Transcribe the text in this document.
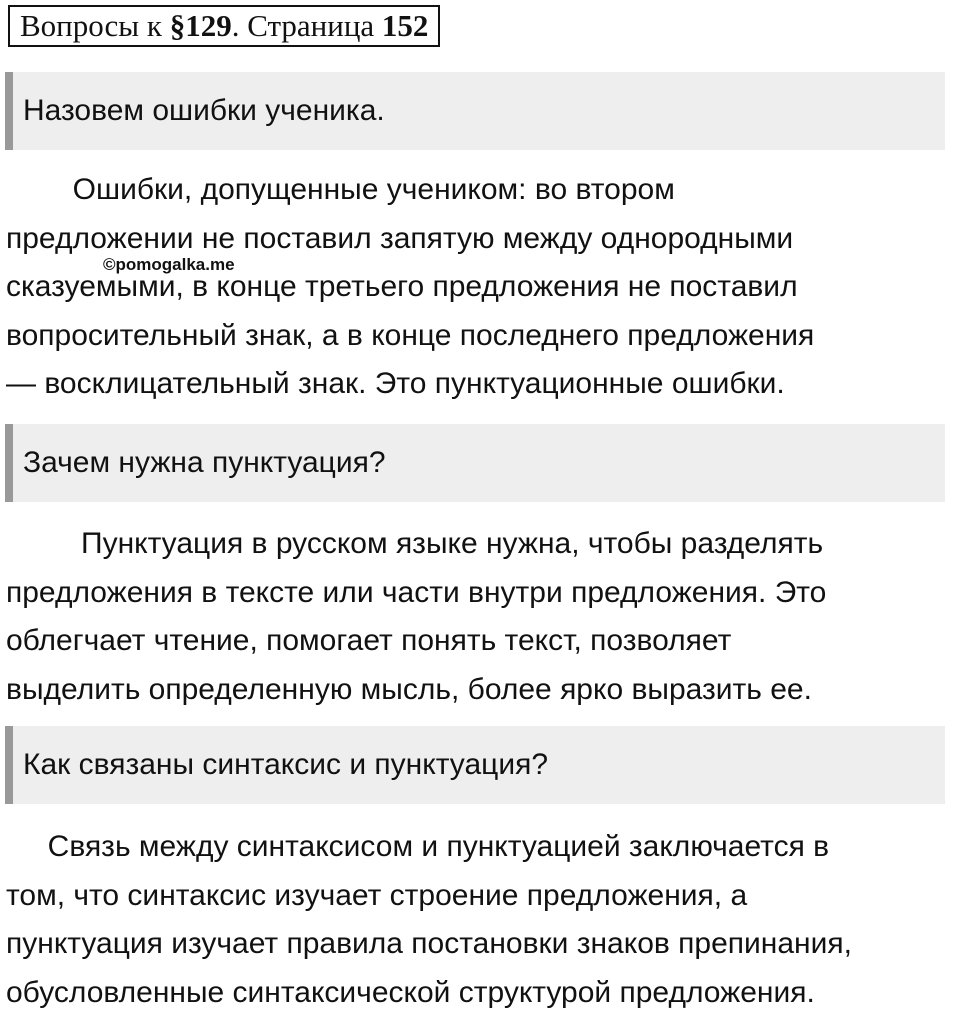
Вопросы к §129. Страница 152
Назовем ошибки ученика.

Ошибки, допущенные учеником: во втором
предложении не поставил запятую между однородными
сказуемыми, в конце третьего предложения не поставил
вопросительный знак, а в конце последнего предложения
— восклицательный знак. Это пунктуационные ошибки.

©pomogalka.me
Зачем нужна пунктуация?

Пунктуация в русском языке нужна, чтобы разделять
предложения в тексте или части внутри предложения. Это
облегчает чтение, помогает понять текст, позволяет
выделить определенную мысль, более ярко выразить ее.

Как связаны синтаксис и пунктуация?

Связь между синтаксисом и пунктуацией заключается в
том, что синтаксис изучает строение предложения, а
пунктуация изучает правила постановки знаков препинания,
обусловленные синтаксической структурой предложения.
